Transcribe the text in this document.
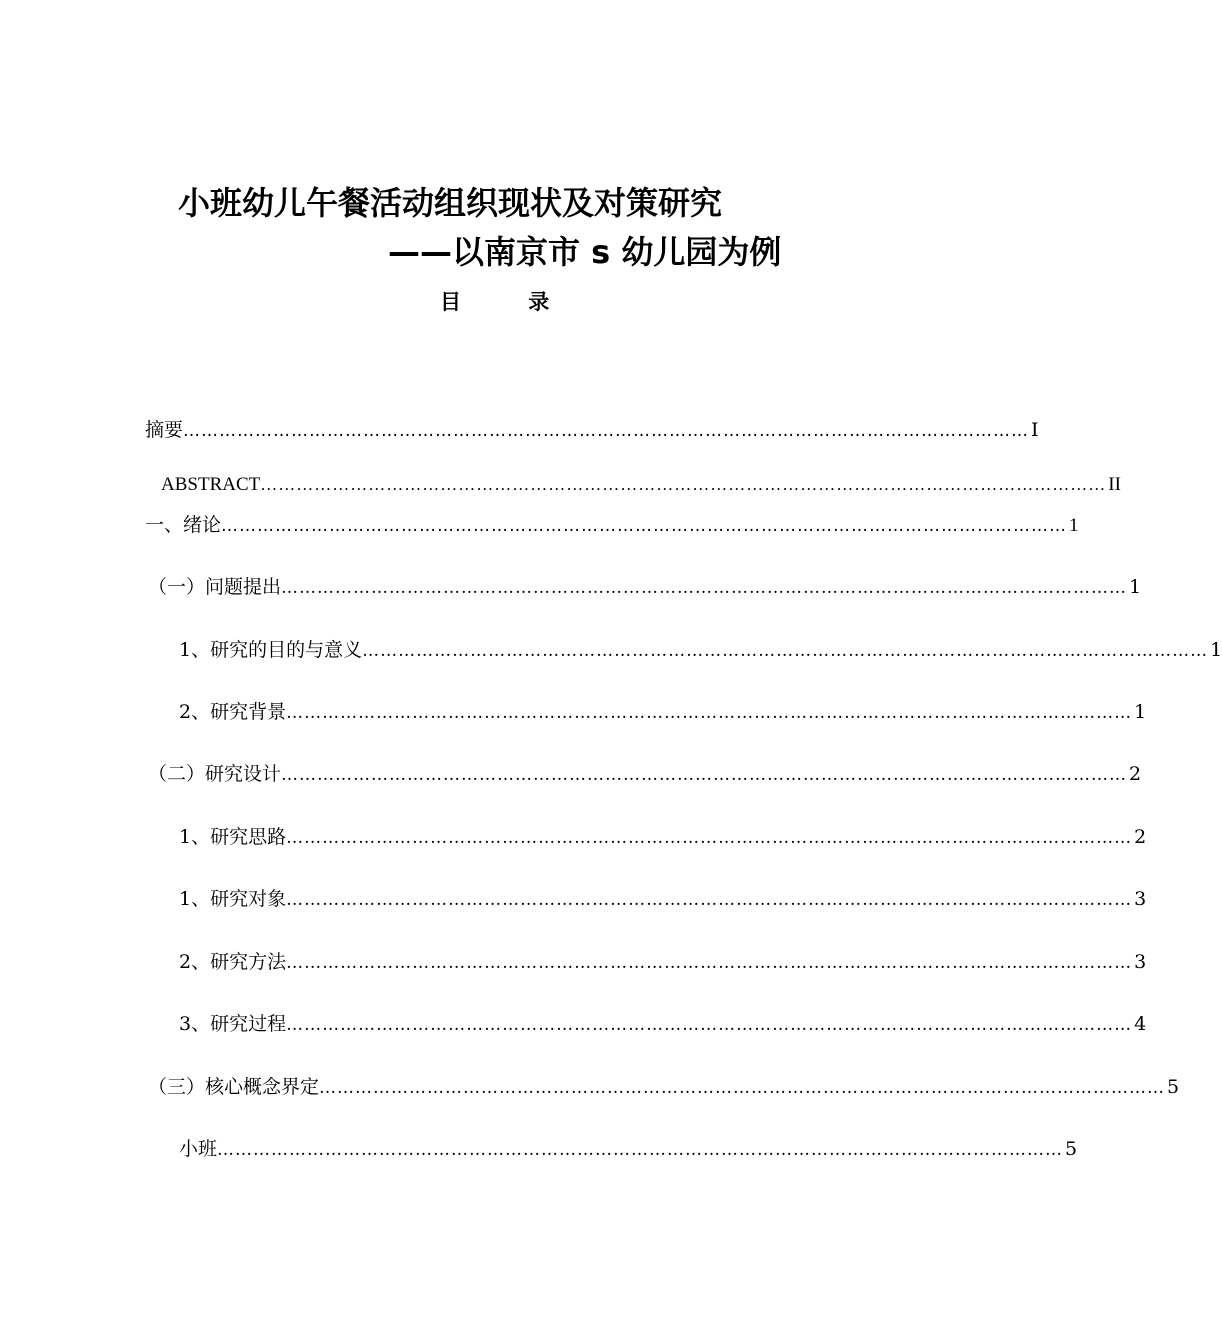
小班幼儿午餐活动组织现状及对策研究
——以南京市 s 幼儿园为例
目 录
摘要 …………………………………………………………………………………………………………………………… Ⅰ
ABSTRACT …………………………………………………………………………………………………………………………… II
一、绪论 …………………………………………………………………………………………………………………………… 1
（一）问题提出 …………………………………………………………………………………………………………………………… 1
1、研究的目的与意义 …………………………………………………………………………………………………………………………… 1
2、研究背景 …………………………………………………………………………………………………………………………… 1
（二）研究设计 …………………………………………………………………………………………………………………………… 2
1、研究思路 …………………………………………………………………………………………………………………………… 2
1、研究对象 …………………………………………………………………………………………………………………………… 3
2、研究方法 …………………………………………………………………………………………………………………………… 3
3、研究过程 …………………………………………………………………………………………………………………………… 4
（三）核心概念界定 …………………………………………………………………………………………………………………………… 5
小班 …………………………………………………………………………………………………………………………… 5
